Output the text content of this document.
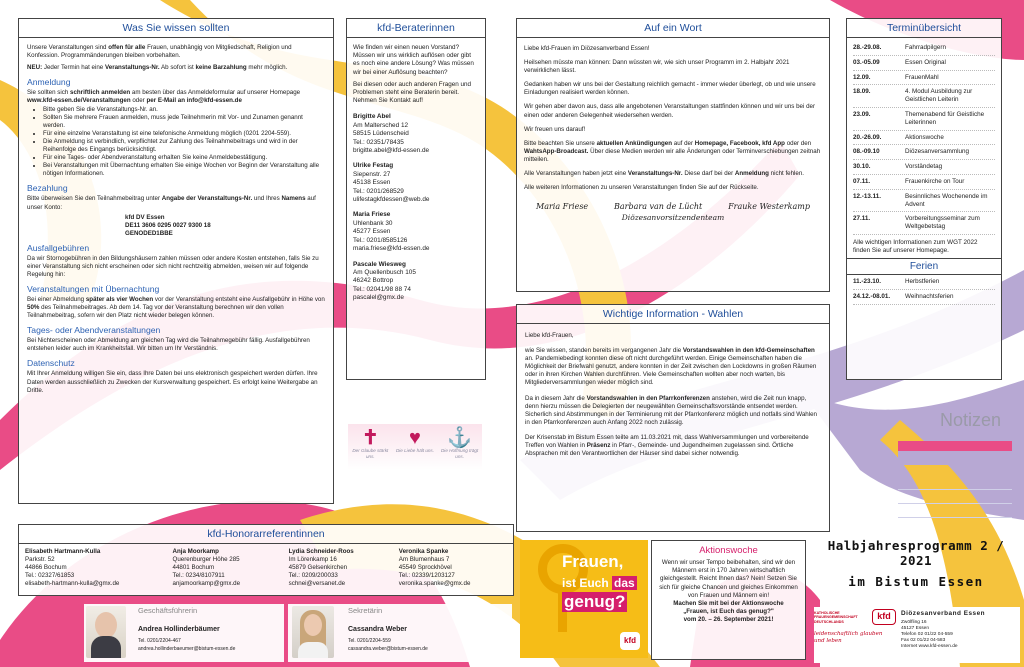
Was Sie wissen sollten
Unsere Veranstaltungen sind offen für alle Frauen, unabhängig von Mitgliedschaft, Religion und Konfession. Programmänderungen bleiben vorbehalten.
NEU: Jeder Termin hat eine Veranstaltungs-Nr. Ab sofort ist keine Barzahlung mehr möglich.
Anmeldung
Sie sollten sich schriftlich anmelden am besten über das Anmeldeformular auf unserer Homepage www.kfd-essen.de/Veranstaltungen oder per E-Mail an info@kfd-essen.de
• Bitte geben Sie die Veranstaltungs-Nr. an.
• Sollten Sie mehrere Frauen anmelden, muss jede Teilnehmerin mit Vor- und Zunamen genannt werden.
• Für eine einzelne Veranstaltung ist eine telefonische Anmeldung möglich (0201 2204-559).
• Die Anmeldung ist verbindlich, verpflichtet zur Zahlung des Teilnahmebeitrags und wird in der Reihenfolge des Eingangs berücksichtigt.
• Für eine Tages- oder Abendveranstaltung erhalten Sie keine Anmeldebestätigung.
• Bei Veranstaltungen mit Übernachtung erhalten Sie einige Wochen vor Beginn der Veranstaltung alle nötigen Informationen.
Bezahlung
Bitte überweisen Sie den Teilnahmebeitrag unter Angabe der Veranstaltungs-Nr. und Ihres Namens auf unser Konto:
kfd DV Essen
DE11 3606 0295 0027 9300 18
GENODED1BBE
Ausfallgebühren
Da wir Stornogebühren in den Bildungshäusern zahlen müssen oder andere Kosten entstehen, falls Sie zu einer Veranstaltung sich nicht erscheinen oder sich nicht rechtzeitig abmelden, weisen wir auf folgende Regelung hin:
Veranstaltungen mit Übernachtung
Bei einer Abmeldung später als vier Wochen vor der Veranstaltung entsteht eine Ausfallgebühr in Höhe von 50% des Teilnahmebeitrages. Ab dem 14. Tag vor der Veranstaltung berechnen wir den vollen Teilnahmebeitrag, sofern wir den Platz nicht wieder belegen können.
Tages- oder Abendveranstaltungen
Bei Nichterscheinen oder Abmeldung am gleichen Tag wird die Teilnahmegebühr fällig. Ausfallgebühren entstehen leider auch im Krankheitsfall. Wir bitten um Ihr Verständnis.
Datenschutz
Mit Ihrer Anmeldung willigen Sie ein, dass Ihre Daten bei uns elektronisch gespeichert werden dürfen. Ihre Daten werden ausschließlich zu Zwecken der Kursverwaltung gespeichert. Es erfolgt keine Weitergabe an Dritte.
kfd-Beraterinnen
Wie finden wir einen neuen Vorstand? Müssen wir uns wirklich auflösen oder gibt es noch eine andere Lösung? Was müssen wir bei einer Auflösung beachten?
Bei diesen oder auch anderen Fragen und Problemen steht eine Beraterin bereit. Nehmen Sie Kontakt auf!
Brigitte Abel
Am Maltersched 12
58515 Lüdenscheid
Tel.: 02351/78435
brigitte.abel@kfd-essen.de
Ulrike Festag
Siepenstr. 27
45138 Essen
Tel.: 0201/268529
ulifestagkfdessen@web.de
Maria Friese
Uhlenbank 30
45277 Essen
Tel.: 0201/8585126
maria.friese@kfd-essen.de
Pascale Wiesweg
Am Quellenbusch 105
46242 Bottrop
Tel.: 02041/98 88 74
pascalel@gmx.de
✝
Der Glaube stärkt uns.
♥
Die Liebe hält uns.
⚓
Die Hoffnung trägt uns.
Auf ein Wort
Liebe kfd-Frauen im Diözesanverband Essen!
Heilsehen müsste man können: Dann wüssten wir, wie sich unser Programm im 2. Halbjahr 2021 verwirklichen lässt.
Gedanken haben wir uns bei der Gestaltung reichlich gemacht - immer wieder überlegt, ob und wie unsere Einladungen realisiert werden können.
Wir gehen aber davon aus, dass alle angebotenen Veranstaltungen stattfinden können und wir uns bei der einen oder anderen Gelegenheit wiedersehen werden.
Wir freuen uns darauf!
Bitte beachten Sie unsere aktuellen Ankündigungen auf der Homepage, Facebook, kfd App oder den WahtsApp-Broadcast. Über diese Medien werden wir alle Änderungen oder Terminverschiebungen zeitnah mitteilen.
Alle Veranstaltungen haben jetzt eine Veranstaltungs-Nr. Diese darf bei der Anmeldung nicht fehlen.
Alle weiteren Informationen zu unseren Veranstaltungen finden Sie auf der Rückseite.
Maria Friese	Barbara van de Lücht	Frauke Westerkamp
Diözesanvorsitzendenteam
Wichtige Information - Wahlen
Liebe kfd-Frauen,
wie Sie wissen, standen bereits im vergangenen Jahr die Vorstandswahlen in den kfd-Gemeinschaften an. Pandemiebedingt konnten diese oft nicht durchgeführt werden. Einige Gemeinschaften haben die Möglichkeit der Briefwahl genutzt, andere konnten in der Zeit zwischen den Lockdowns in großen Räumen oder in ihren Kirchen Wahlen durchführen. Viele Gemeinschaften wollten aber noch warten, bis Mitgliederversammlungen wieder möglich sind.
Da in diesem Jahr die Vorstandswahlen in den Pfarrkonferenzen anstehen, wird die Zeit nun knapp, denn hierzu müssen die Delegierten der neugewählten Gemeinschaftsvorstände entsendet werden. Sicherlich sind Abstimmungen in der Terminierung mit der Pfarrkonferenz möglich und notfalls sind Wahlen in den Pfarrkonferenzen auch Anfang 2022 noch zulässig.
Der Krisenstab im Bistum Essen teilte am 11.03.2021 mit, dass Wahlversammlungen und vorbereitende Treffen von Wahlen in Präsenz in Pfarr-, Gemeinde- und Jugendheimen zugelassen sind. Örtliche Absprachen mit den Verantwortlichen der Häuser sind dabei sicher notwendig.
Frauen,
ist Euch das
genug?
kfd
Aktionswoche
Wenn wir unser Tempo beibehalten, sind wir den Männern erst in 170 Jahren wirtschaftlich gleichgestellt. Reicht Ihnen das? Nein! Setzen Sie sich für gleiche Chancen und gleiches Einkommen von Frauen und Männern ein!
Machen Sie mit bei der Aktionswoche
„Frauen, ist Euch das genug?"
vom 20. – 26. September 2021!
Terminübersicht
28.-29.08.	Fahrradpilgern
03.-05.09	Essen Original
12.09.	FrauenMahl
18.09.	4. Modul Ausbildung zur Geistlichen Leiterin
23.09.	Themenabend für Geistliche Leiterinnen
20.-26.09.	Aktionswoche
08.-09.10	Diözesanversammlung
30.10.	Vorständetag
07.11.	Frauenkirche on Tour
12.-13.11.	Besinnliches Wochenende im Advent
27.11.	Vorbereitungsseminar zum Weltgebetstag
Alle wichtigen Informationen zum WGT 2022 finden Sie auf unserer Homepage.
Ferien
11.-23.10.	Herbstferien
24.12.-08.01.	Weihnachtsferien
Notizen
Halbjahresprogramm 2 / 2021
im Bistum Essen
KATHOLISCHE FRAUENGEMEINSCHAFT DEUTSCHLANDS
kfd
leidenschaftlich glauben und leben
Diözesanverband Essen
Zwölfling 16
45127 Essen
Telefon 02 01/22 04-559
Fax 02 01/22 04-583
Internet www.kfd-essen.de
kfd-Honorarreferentinnen
Elisabeth Hartmann-Kulla
Parkstr. 52
44866 Bochum
Tel.: 02327/61853
elisabeth-hartmann-kulla@gmx.de
Anja Moorkamp
Querenburger Höhe 285
44801 Bochum
Tel.: 0234/8107911
anjamoorkamp@gmx.de
Lydia Schneider-Roos
Im Lörenkamp 16
45879 Gelsenkirchen
Tel.: 0209/200033
schnei@versanet.de
Veronika Spanke
Am Blumenhaus 7
45549 Sprockhövel
Tel.: 02339/1203127
veronika.spanke@gmx.de
Geschäftsführerin
Andrea Hollinderbäumer
Tel. 0201/2204-467
andrea.hollinderbaeumer@bistum-essen.de
Sekretärin
Cassandra Weber
Tel. 0201/2204-559
cassandra.weber@bistum-essen.de
